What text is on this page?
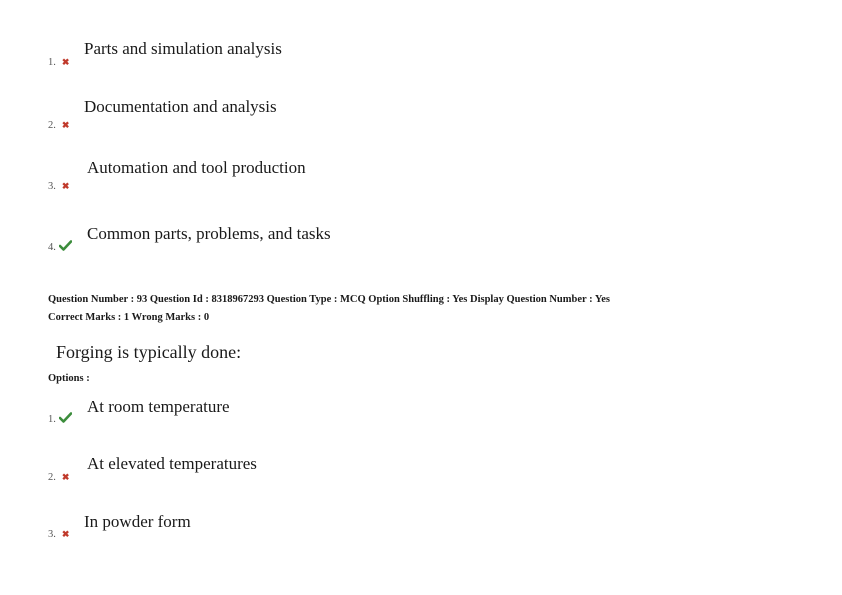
Parts and simulation analysis
1. ✖
Documentation and analysis
2. ✖
Automation and tool production
3. ✖
Common parts, problems, and tasks
4.
Question Number : 93 Question Id : 8318967293 Question Type : MCQ Option Shuffling : Yes Display Question Number : Yes
Correct Marks : 1 Wrong Marks : 0
Forging is typically done:
Options :
At room temperature
1.
At elevated temperatures
2. ✖
In powder form
3. ✖
